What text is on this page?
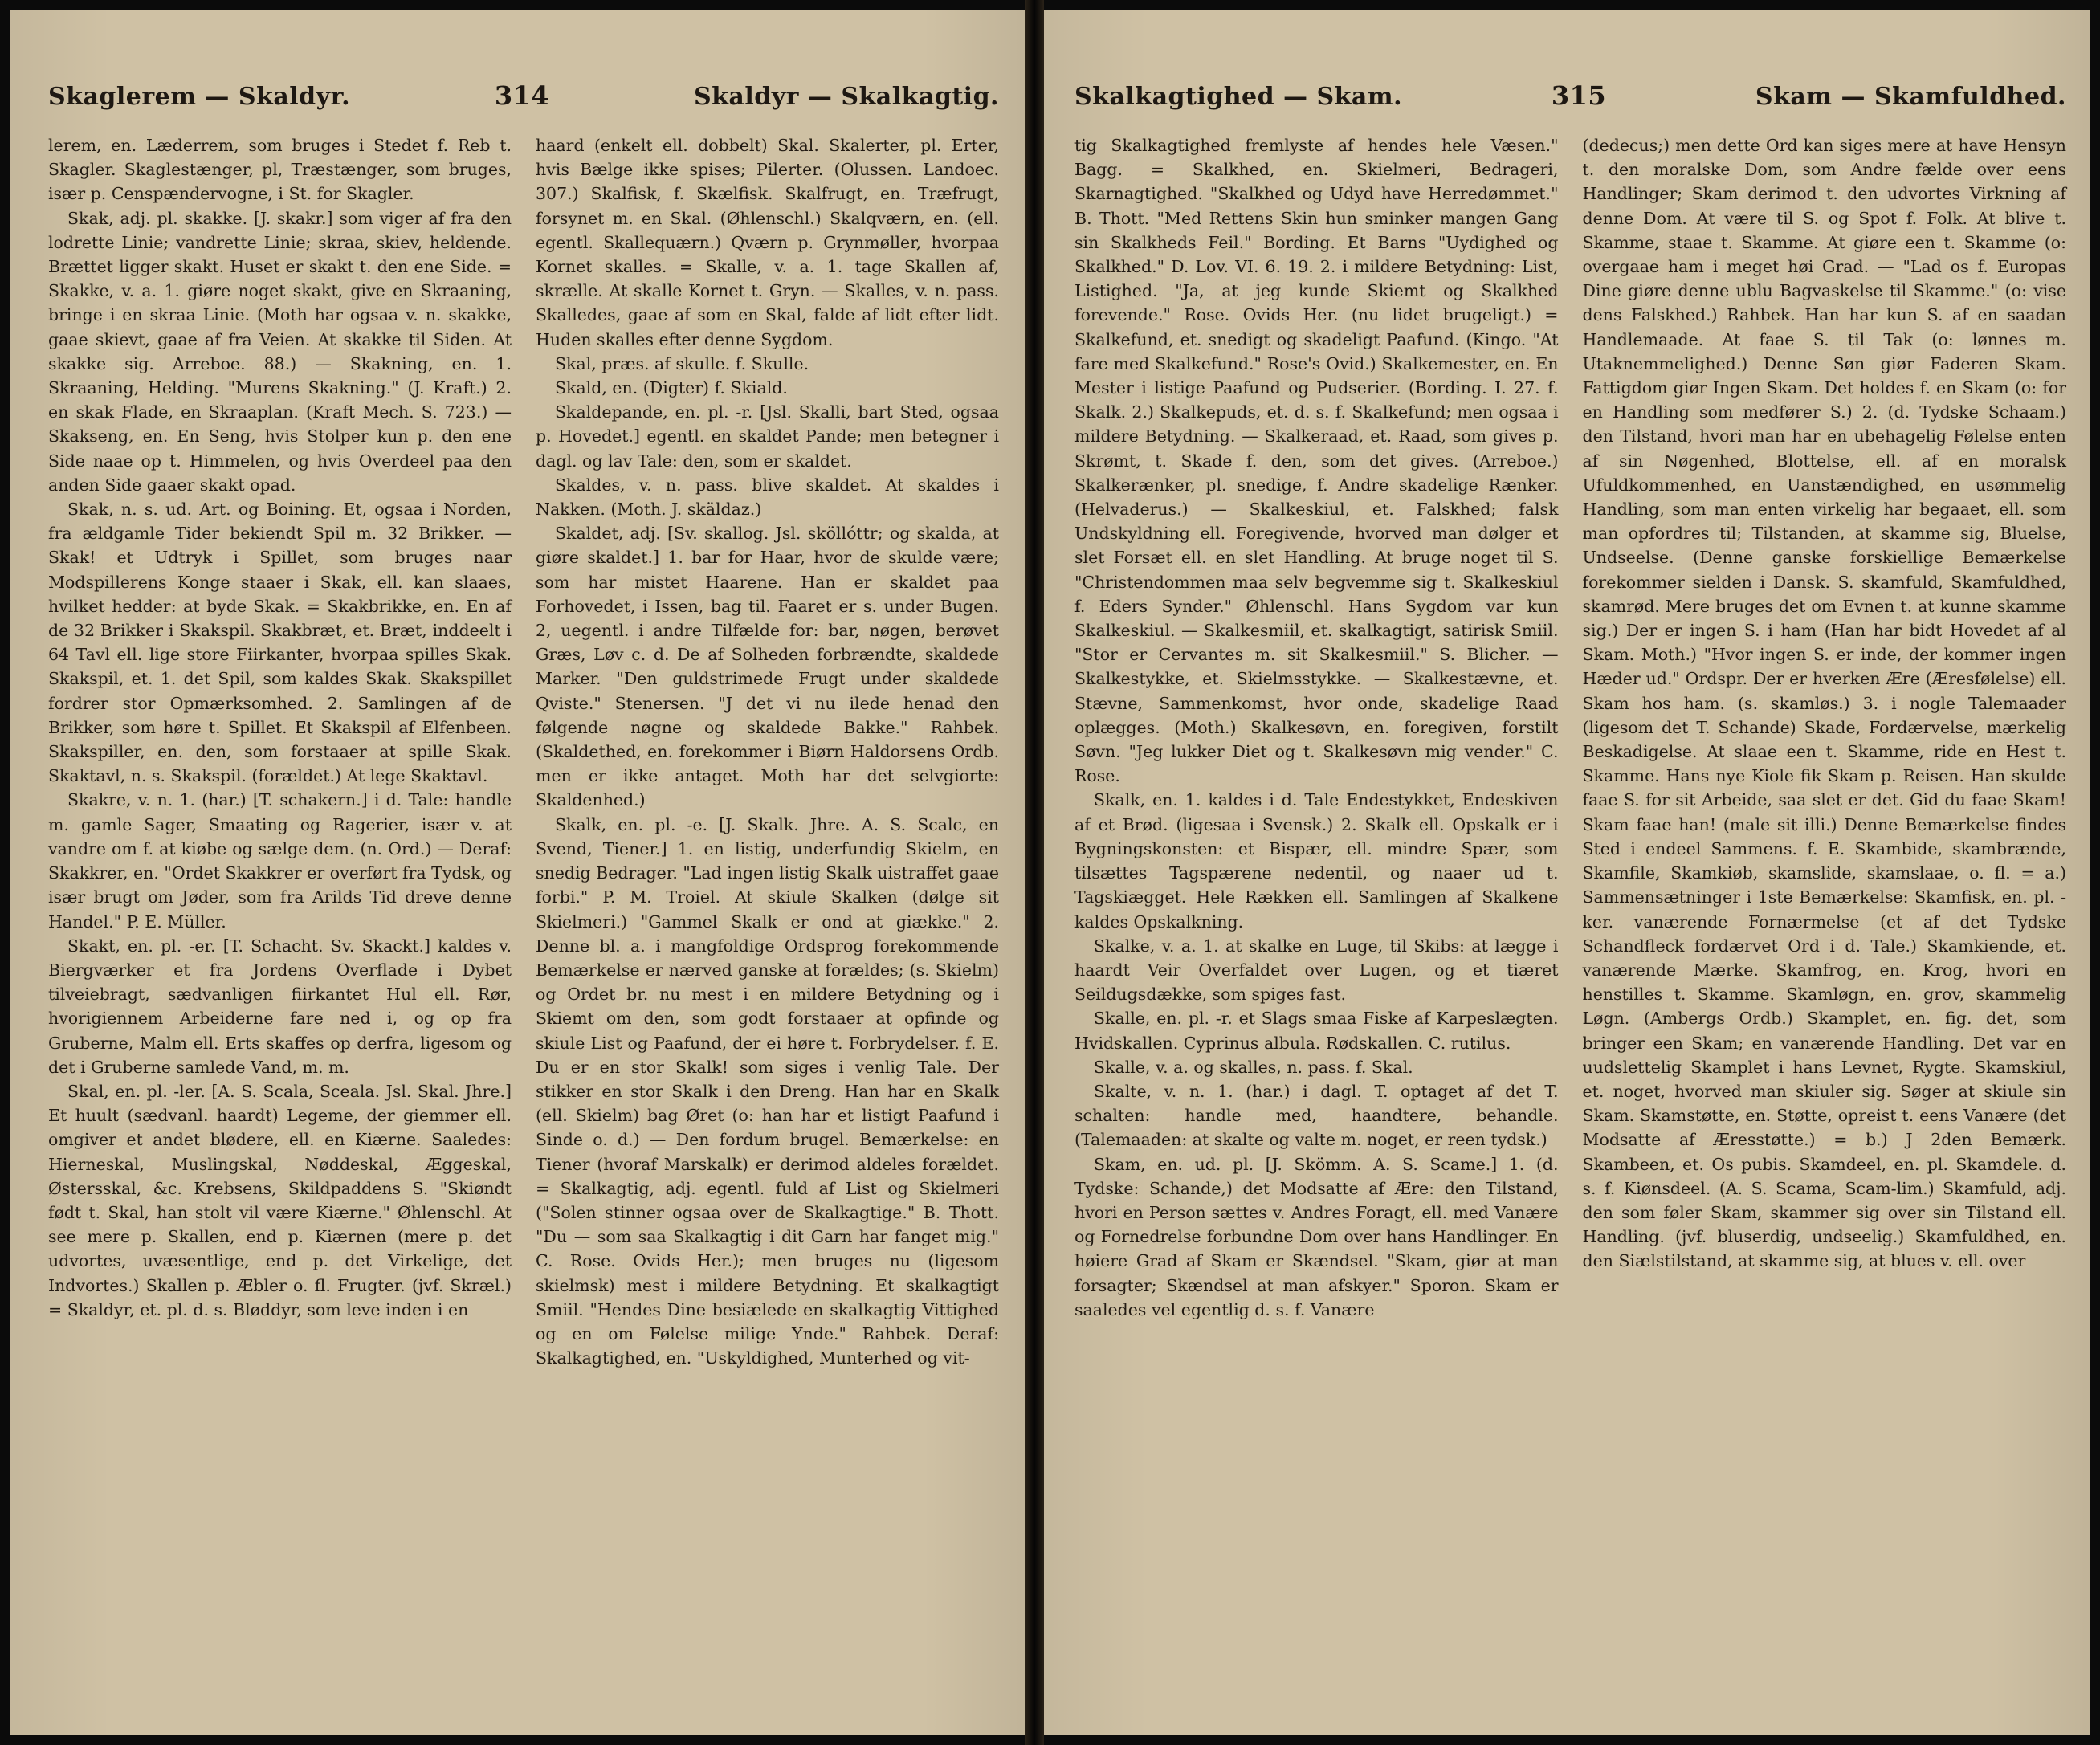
Skaglerem — Skaldyr.	314	Skaldyr — Skalkagtig.

lerem, en. Læderrem, som bruges i Stedet f. Reb t. Skagler. Skaglestænger, pl, Træstænger, som bruges, især p. Censpændervogne, i St. for Skagler.

Skak, adj. pl. skakke. [J. skakr.] som viger af fra den lodrette Linie; vandrette Linie; skraa, skiev, heldende. Brættet ligger skakt. Huset er skakt t. den ene Side. = Skakke, v. a. 1. giøre noget skakt, give en Skraaning, bringe i en skraa Linie. (Moth har ogsaa v. n. skakke, gaae skievt, gaae af fra Veien. At skakke til Siden. At skakke sig. Arreboe. 88.) — Skakning, en. 1. Skraaning, Helding. "Murens Skakning." (J. Kraft.) 2. en skak Flade, en Skraaplan. (Kraft Mech. S. 723.) — Skakseng, en. En Seng, hvis Stolper kun p. den ene Side naae op t. Himmelen, og hvis Overdeel paa den anden Side gaaer skakt opad.

Skak, n. s. ud. Art. og Boining. Et, ogsaa i Norden, fra ældgamle Tider bekiendt Spil m. 32 Brikker. — Skak! et Udtryk i Spillet, som bruges naar Modspillerens Konge staaer i Skak, ell. kan slaaes, hvilket hedder: at byde Skak. = Skakbrikke, en. En af de 32 Brikker i Skakspil. Skakbræt, et. Bræt, inddeelt i 64 Tavl ell. lige store Fiirkanter, hvorpaa spilles Skak. Skakspil, et. 1. det Spil, som kaldes Skak. Skakspillet fordrer stor Opmærksomhed. 2. Samlingen af de Brikker, som høre t. Spillet. Et Skakspil af Elfenbeen. Skakspiller, en. den, som forstaaer at spille Skak. Skaktavl, n. s. Skakspil. (forældet.) At lege Skaktavl.

Skakre, v. n. 1. (har.) [T. schakern.] i d. Tale: handle m. gamle Sager, Smaating og Ragerier, især v. at vandre om f. at kiøbe og sælge dem. (n. Ord.) — Deraf: Skakkrer, en. "Ordet Skakkrer er overført fra Tydsk, og især brugt om Jøder, som fra Arilds Tid dreve denne Handel." P. E. Müller.

Skakt, en. pl. -er. [T. Schacht. Sv. Skackt.] kaldes v. Biergværker et fra Jordens Overflade i Dybet tilveiebragt, sædvanligen fiirkantet Hul ell. Rør, hvorigiennem Arbeiderne fare ned i, og op fra Gruberne, Malm ell. Erts skaffes op derfra, ligesom og det i Gruberne samlede Vand, m. m.

Skal, en. pl. -ler. [A. S. Scala, Sceala. Jsl. Skal. Jhre.] Et huult (sædvanl. haardt) Legeme, der giemmer ell. omgiver et andet blødere, ell. en Kiærne. Saaledes: Hierneskal, Muslingskal, Nøddeskal, Æggeskal, Østersskal, &c. Krebsens, Skildpaddens S. "Skiøndt født t. Skal, han stolt vil være Kiærne." Øhlenschl. At see mere p. Skallen, end p. Kiærnen (mere p. det udvortes, uvæsentlige, end p. det Virkelige, det Indvortes.) Skallen p. Æbler o. fl. Frugter. (jvf. Skræl.) = Skaldyr, et. pl. d. s. Bløddyr, som leve inden i en

haard (enkelt ell. dobbelt) Skal. Skalerter, pl. Erter, hvis Bælge ikke spises; Pilerter. (Olussen. Landoec. 307.) Skalfisk, f. Skælfisk. Skalfrugt, en. Træfrugt, forsynet m. en Skal. (Øhlenschl.) Skalqværn, en. (ell. egentl. Skallequærn.) Qværn p. Grynmøller, hvorpaa Kornet skalles. = Skalle, v. a. 1. tage Skallen af, skrælle. At skalle Kornet t. Gryn. — Skalles, v. n. pass. Skalledes, gaae af som en Skal, falde af lidt efter lidt. Huden skalles efter denne Sygdom.

Skal, præs. af skulle. f. Skulle.

Skald, en. (Digter) f. Skiald.

Skaldepande, en. pl. -r. [Jsl. Skalli, bart Sted, ogsaa p. Hovedet.] egentl. en skaldet Pande; men betegner i dagl. og lav Tale: den, som er skaldet.

Skaldes, v. n. pass. blive skaldet. At skaldes i Nakken. (Moth. J. skäldaz.)

Skaldet, adj. [Sv. skallog. Jsl. sköllóttr; og skalda, at giøre skaldet.] 1. bar for Haar, hvor de skulde være; som har mistet Haarene. Han er skaldet paa Forhovedet, i Issen, bag til. Faaret er s. under Bugen. 2, uegentl. i andre Tilfælde for: bar, nøgen, berøvet Græs, Løv c. d. De af Solheden forbrændte, skaldede Marker. "Den guldstrimede Frugt under skaldede Qviste." Stenersen. "J det vi nu ilede henad den følgende nøgne og skaldede Bakke." Rahbek. (Skaldethed, en. forekommer i Biørn Haldorsens Ordb. men er ikke antaget. Moth har det selvgiorte: Skaldenhed.)

Skalk, en. pl. -e. [J. Skalk. Jhre. A. S. Scalc, en Svend, Tiener.] 1. en listig, underfundig Skielm, en snedig Bedrager. "Lad ingen listig Skalk uistraffet gaae forbi." P. M. Troiel. At skiule Skalken (dølge sit Skielmeri.) "Gammel Skalk er ond at giække." 2. Denne bl. a. i mangfoldige Ordsprog forekommende Bemærkelse er nærved ganske at forældes; (s. Skielm) og Ordet br. nu mest i en mildere Betydning og i Skiemt om den, som godt forstaaer at opfinde og skiule List og Paafund, der ei høre t. Forbrydelser. f. E. Du er en stor Skalk! som siges i venlig Tale. Der stikker en stor Skalk i den Dreng. Han har en Skalk (ell. Skielm) bag Øret (o: han har et listigt Paafund i Sinde o. d.) — Den fordum brugel. Bemærkelse: en Tiener (hvoraf Marskalk) er derimod aldeles forældet. = Skalkagtig, adj. egentl. fuld af List og Skielmeri ("Solen stinner ogsaa over de Skalkagtige." B. Thott. "Du — som saa Skalkagtig i dit Garn har fanget mig." C. Rose. Ovids Her.); men bruges nu (ligesom skielmsk) mest i mildere Betydning. Et skalkagtigt Smiil. "Hendes Dine besiælede en skalkagtig Vittighed og en om Følelse milige Ynde." Rahbek. Deraf: Skalkagtighed, en. "Uskyldighed, Munterhed og vit-

Skalkagtighed — Skam.	315	Skam — Skamfuldhed.

tig Skalkagtighed fremlyste af hendes hele Væsen." Bagg. = Skalkhed, en. Skielmeri, Bedrageri, Skarnagtighed. "Skalkhed og Udyd have Herredømmet." B. Thott. "Med Rettens Skin hun sminker mangen Gang sin Skalkheds Feil." Bording. Et Barns "Uydighed og Skalkhed." D. Lov. VI. 6. 19. 2. i mildere Betydning: List, Listighed. "Ja, at jeg kunde Skiemt og Skalkhed forevende." Rose. Ovids Her. (nu lidet brugeligt.) = Skalkefund, et. snedigt og skadeligt Paafund. (Kingo. "At fare med Skalkefund." Rose's Ovid.) Skalkemester, en. En Mester i listige Paafund og Pudserier. (Bording. I. 27. f. Skalk. 2.) Skalkepuds, et. d. s. f. Skalkefund; men ogsaa i mildere Betydning. — Skalkeraad, et. Raad, som gives p. Skrømt, t. Skade f. den, som det gives. (Arreboe.) Skalkerænker, pl. snedige, f. Andre skadelige Rænker. (Helvaderus.) — Skalkeskiul, et. Falskhed; falsk Undskyldning ell. Foregivende, hvorved man dølger et slet Forsæt ell. en slet Handling. At bruge noget til S. "Christendommen maa selv begvemme sig t. Skalkeskiul f. Eders Synder." Øhlenschl. Hans Sygdom var kun Skalkeskiul. — Skalkesmiil, et. skalkagtigt, satirisk Smiil. "Stor er Cervantes m. sit Skalkesmiil." S. Blicher. — Skalkestykke, et. Skielmsstykke. — Skalkestævne, et. Stævne, Sammenkomst, hvor onde, skadelige Raad oplægges. (Moth.) Skalkesøvn, en. foregiven, forstilt Søvn. "Jeg lukker Diet og t. Skalkesøvn mig vender." C. Rose.

Skalk, en. 1. kaldes i d. Tale Endestykket, Endeskiven af et Brød. (ligesaa i Svensk.) 2. Skalk ell. Opskalk er i Bygningskonsten: et Bispær, ell. mindre Spær, som tilsættes Tagspærene nedentil, og naaer ud t. Tagskiægget. Hele Rækken ell. Samlingen af Skalkene kaldes Opskalkning.

Skalke, v. a. 1. at skalke en Luge, til Skibs: at lægge i haardt Veir Overfaldet over Lugen, og et tiæret Seildugsdække, som spiges fast.

Skalle, en. pl. -r. et Slags smaa Fiske af Karpeslægten. Hvidskallen. Cyprinus albula. Rødskallen. C. rutilus.

Skalle, v. a. og skalles, n. pass. f. Skal.

Skalte, v. n. 1. (har.) i dagl. T. optaget af det T. schalten: handle med, haandtere, behandle. (Talemaaden: at skalte og valte m. noget, er reen tydsk.)

Skam, en. ud. pl. [J. Skömm. A. S. Scame.] 1. (d. Tydske: Schande,) det Modsatte af Ære: den Tilstand, hvori en Person sættes v. Andres Foragt, ell. med Vanære og Fornedrelse forbundne Dom over hans Handlinger. En høiere Grad af Skam er Skændsel. "Skam, giør at man forsagter; Skændsel at man afskyer." Sporon. Skam er saaledes vel egentlig d. s. f. Vanære

(dedecus;) men dette Ord kan siges mere at have Hensyn t. den moralske Dom, som Andre fælde over eens Handlinger; Skam derimod t. den udvortes Virkning af denne Dom. At være til S. og Spot f. Folk. At blive t. Skamme, staae t. Skamme. At giøre een t. Skamme (o: overgaae ham i meget høi Grad. — "Lad os f. Europas Dine giøre denne ublu Bagvaskelse til Skamme." (o: vise dens Falskhed.) Rahbek. Han har kun S. af en saadan Handlemaade. At faae S. til Tak (o: lønnes m. Utaknemmelighed.) Denne Søn giør Faderen Skam. Fattigdom giør Ingen Skam. Det holdes f. en Skam (o: for en Handling som medfører S.) 2. (d. Tydske Schaam.) den Tilstand, hvori man har en ubehagelig Følelse enten af sin Nøgenhed, Blottelse, ell. af en moralsk Ufuldkommenhed, en Uanstændighed, en usømmelig Handling, som man enten virkelig har begaaet, ell. som man opfordres til; Tilstanden, at skamme sig, Bluelse, Undseelse. (Denne ganske forskiellige Bemærkelse forekommer sielden i Dansk. S. skamfuld, Skamfuldhed, skamrød. Mere bruges det om Evnen t. at kunne skamme sig.) Der er ingen S. i ham (Han har bidt Hovedet af al Skam. Moth.) "Hvor ingen S. er inde, der kommer ingen Hæder ud." Ordspr. Der er hverken Ære (Æresfølelse) ell. Skam hos ham. (s. skamløs.) 3. i nogle Talemaader (ligesom det T. Schande) Skade, Fordærvelse, mærkelig Beskadigelse. At slaae een t. Skamme, ride en Hest t. Skamme. Hans nye Kiole fik Skam p. Reisen. Han skulde faae S. for sit Arbeide, saa slet er det. Gid du faae Skam! Skam faae han! (male sit illi.) Denne Bemærkelse findes Sted i endeel Sammens. f. E. Skambide, skambrænde, Skamfile, Skamkiøb, skamslide, skamslaae, o. fl. = a.) Sammensætninger i 1ste Bemærkelse: Skamfisk, en. pl. -ker. vanærende Fornærmelse (et af det Tydske Schandfleck fordærvet Ord i d. Tale.) Skamkiende, et. vanærende Mærke. Skamfrog, en. Krog, hvori en henstilles t. Skamme. Skamløgn, en. grov, skammelig Løgn. (Ambergs Ordb.) Skamplet, en. fig. det, som bringer een Skam; en vanærende Handling. Det var en uudslettelig Skamplet i hans Levnet, Rygte. Skamskiul, et. noget, hvorved man skiuler sig. Søger at skiule sin Skam. Skamstøtte, en. Støtte, opreist t. eens Vanære (det Modsatte af Æresstøtte.) = b.) J 2den Bemærk. Skambeen, et. Os pubis. Skamdeel, en. pl. Skamdele. d. s. f. Kiønsdeel. (A. S. Scama, Scam-lim.) Skamfuld, adj. den som føler Skam, skammer sig over sin Tilstand ell. Handling. (jvf. bluserdig, undseelig.) Skamfuldhed, en. den Siælstilstand, at skamme sig, at blues v. ell. over
